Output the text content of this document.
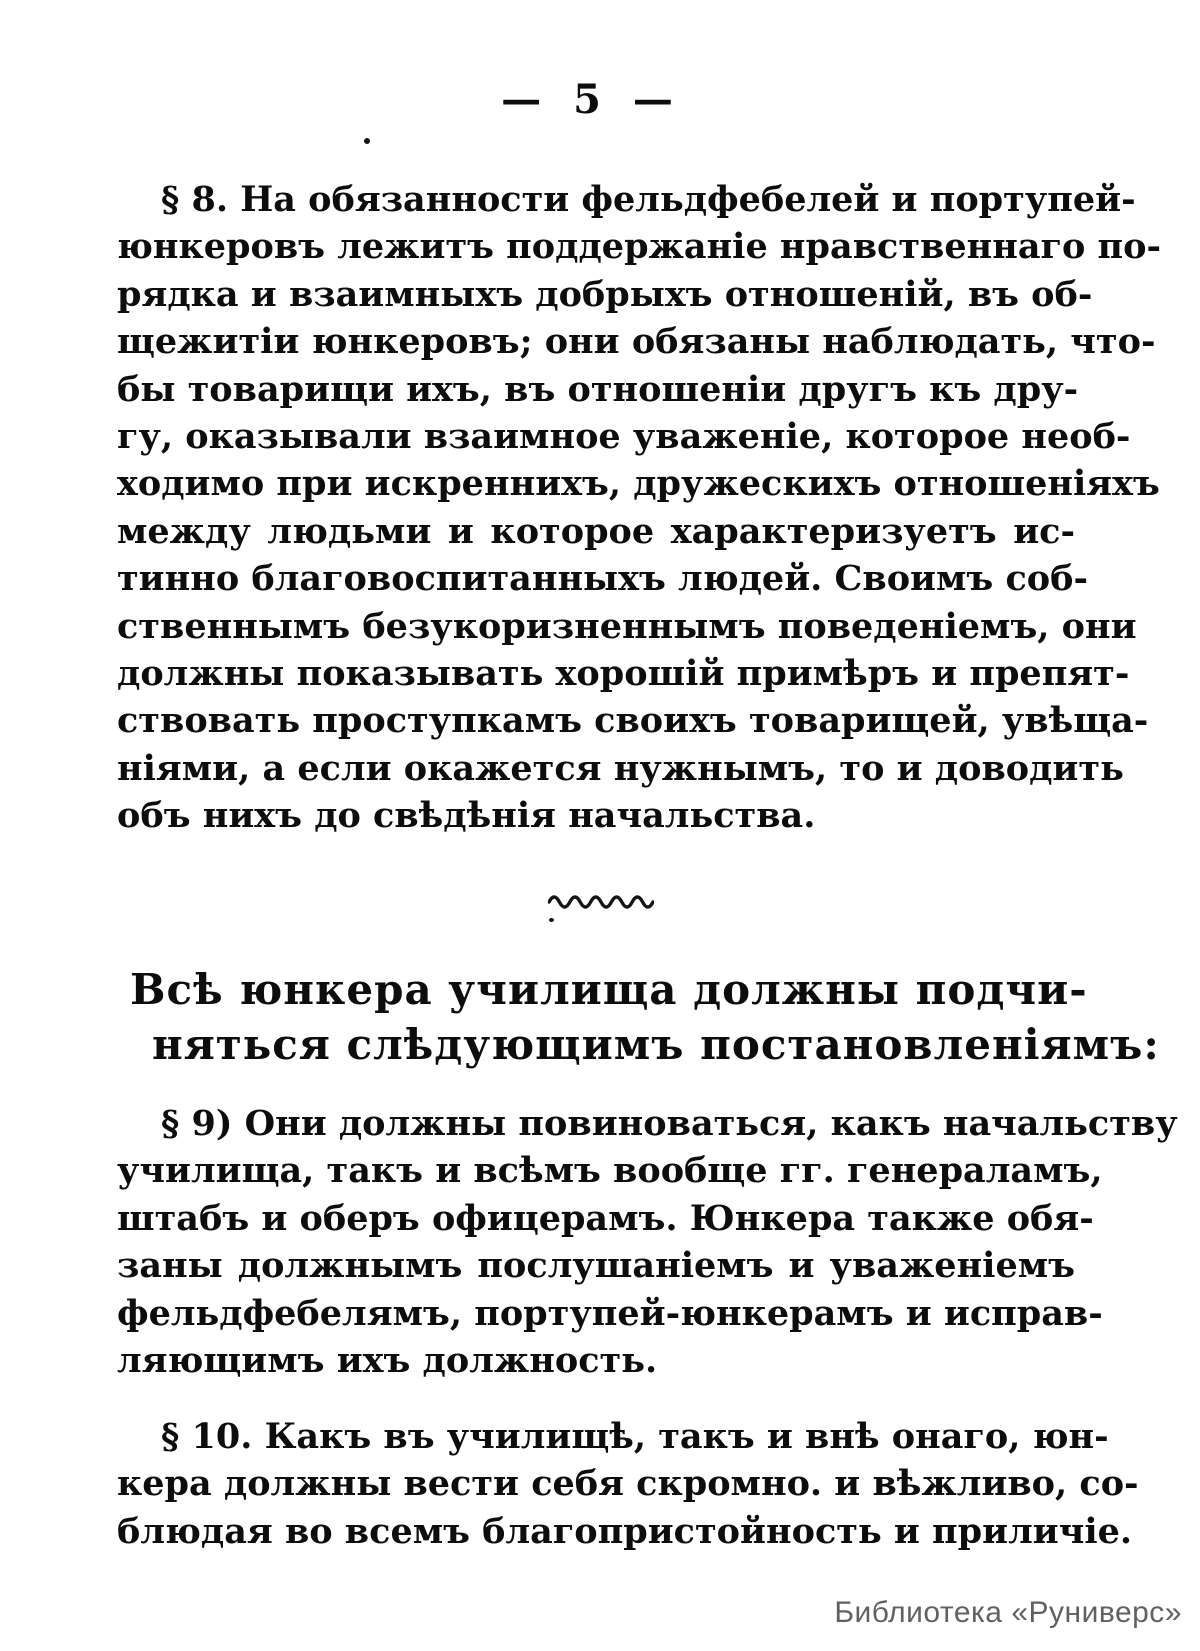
— 5 —
§ 8. На обязанности фельдфебелей и портупей-
юнкеровъ лежитъ поддержаніе нравственнаго по-
рядка и взаимныхъ добрыхъ отношеній, въ об-
щежитіи юнкеровъ; они обязаны наблюдать, что-
бы товарищи ихъ, въ отношеніи другъ къ дру-
гу, оказывали взаимное уваженіе, которое необ-
ходимо при искреннихъ, дружескихъ отношеніяхъ
между людьми и которое характеризуетъ ис-
тинно благовоспитанныхъ людей. Своимъ соб-
ственнымъ безукоризненнымъ поведеніемъ, они
должны показывать хорошій примѣръ и препят-
ствовать проступкамъ своихъ товарищей, увѣща-
ніями, а если окажется нужнымъ, то и доводить
объ нихъ до свѣдѣнія начальства.
Всѣ юнкера училища должны подчи-
няться слѣдующимъ постановленіямъ:
§ 9) Они должны повиноваться, какъ начальству
училища, такъ и всѣмъ вообще гг. генераламъ,
штабъ и оберъ офицерамъ. Юнкера также обя-
заны должнымъ послушаніемъ и уваженіемъ
фельдфебелямъ, портупей-юнкерамъ и исправ-
ляющимъ ихъ должность.
§ 10. Какъ въ училищѣ, такъ и внѣ онаго, юн-
кера должны вести себя скромно. и вѣжливо, со-
блюдая во всемъ благопристойность и приличіе.
Библиотека «Руниверс»
